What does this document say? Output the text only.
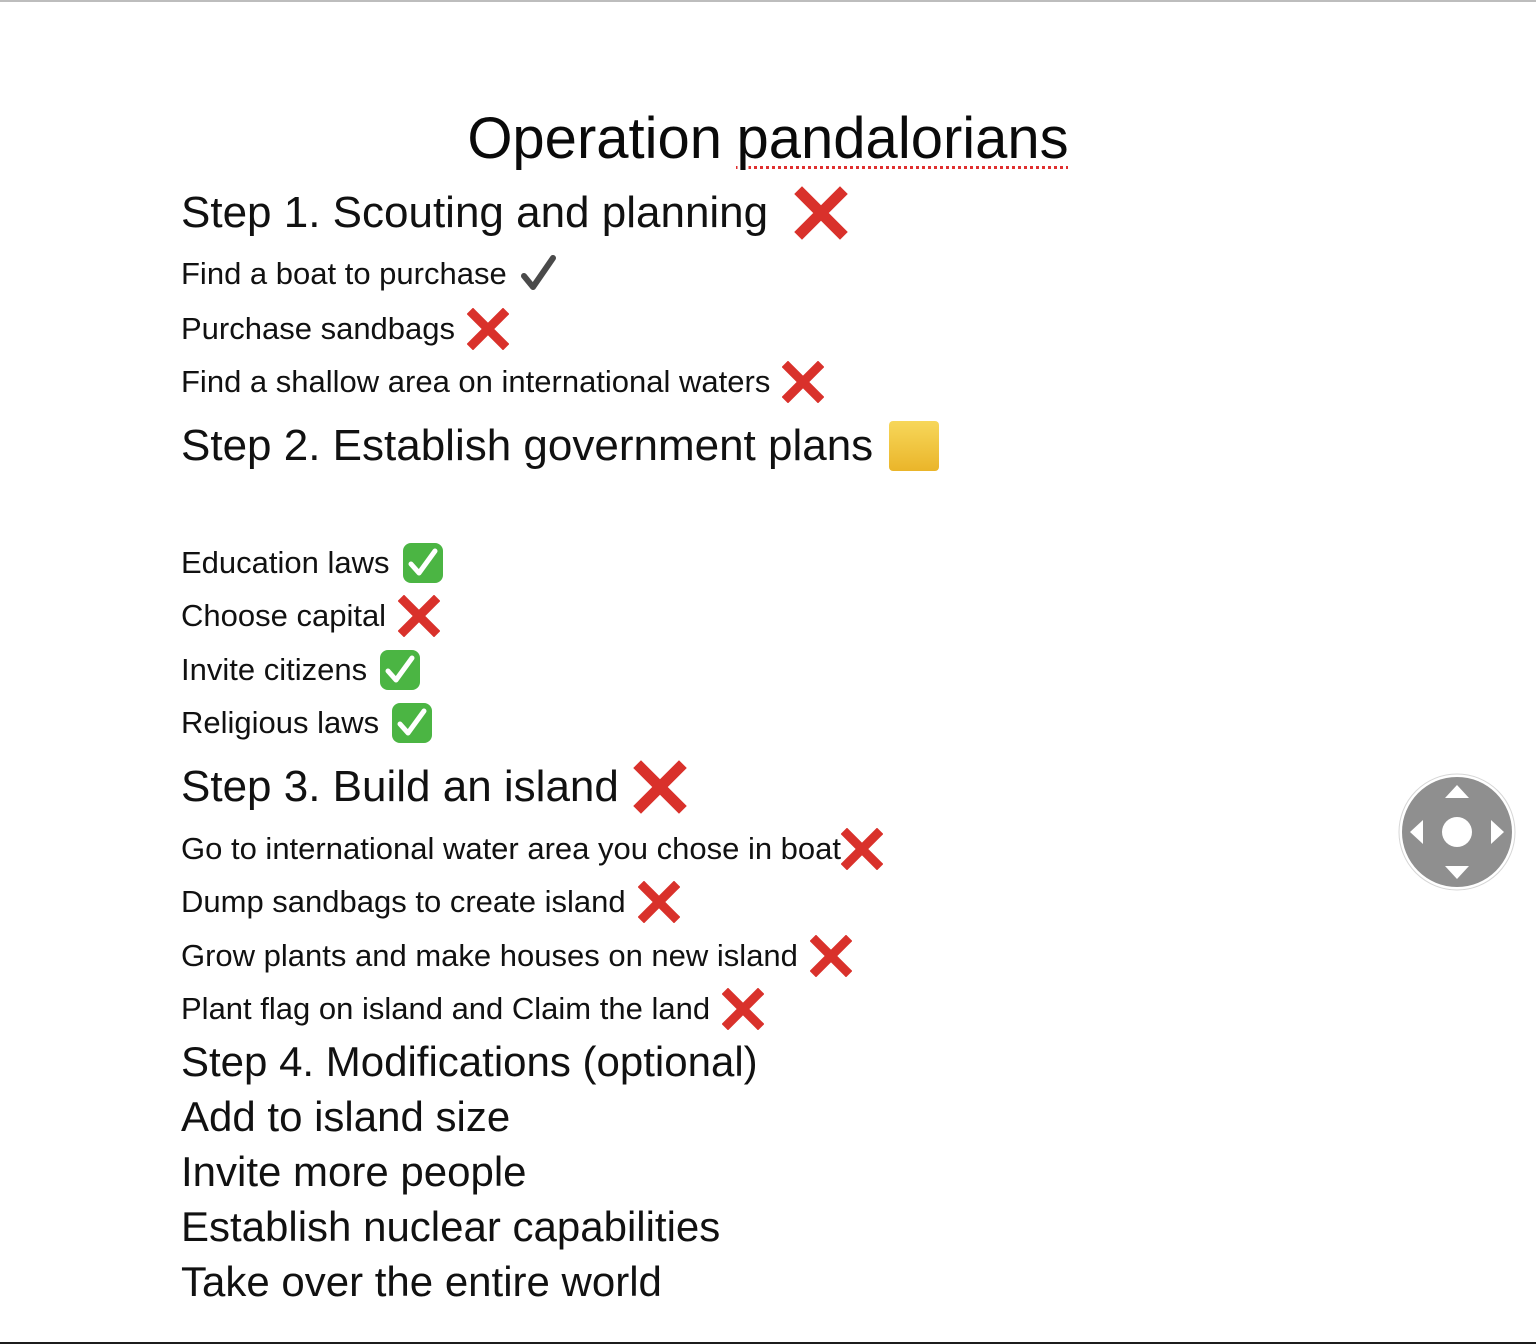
Operation pandalorians
Step 1. Scouting and planning
Find a boat to purchase
Purchase sandbags
Find a shallow area on international waters
Step 2. Establish government plans
Education laws
Choose capital
Invite citizens
Religious laws
Step 3. Build an island
Go to international water area you chose in boat
Dump sandbags to create island
Grow plants and make houses on new island
Plant flag on island and Claim the land
Step 4. Modifications (optional)
Add to island size
Invite more people
Establish nuclear capabilities
Take over the entire world
